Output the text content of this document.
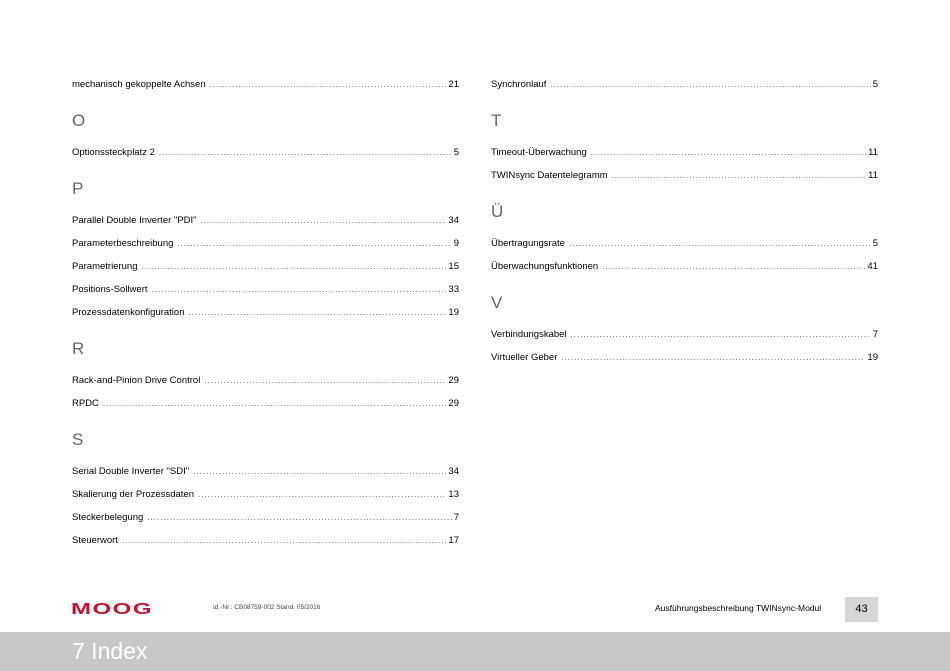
mechanisch gekoppelte Achsen .....	21
O
Optionssteckplatz 2 .....	5
P
Parallel Double Inverter "PDI" .....	34
Parameterbeschreibung .....	9
Parametrierung .....	15
Positions-Sollwert .....	33
Prozessdatenkonfiguration .....	19
R
Rack-and-Pinion Drive Control .....	29
RPDC .....	29
S
Serial Double Inverter "SDI" .....	34
Skalierung der Prozessdaten .....	13
Steckerbelegung .....	7
Steuerwort .....	17
Synchronlauf .....	5
T
Timeout-Überwachung .....	11
TWINsync Datentelegramm .....	11
Ü
Übertragungsrate .....	5
Überwachungsfunktionen .....	41
V
Verbindungskabel .....	7
Virtueller Geber .....	19
MOOG	Id.-Nr.: CB08759-002 Stand: 05/2016	Ausführungsbeschreibung TWINsync-Modul	43
7 Index
